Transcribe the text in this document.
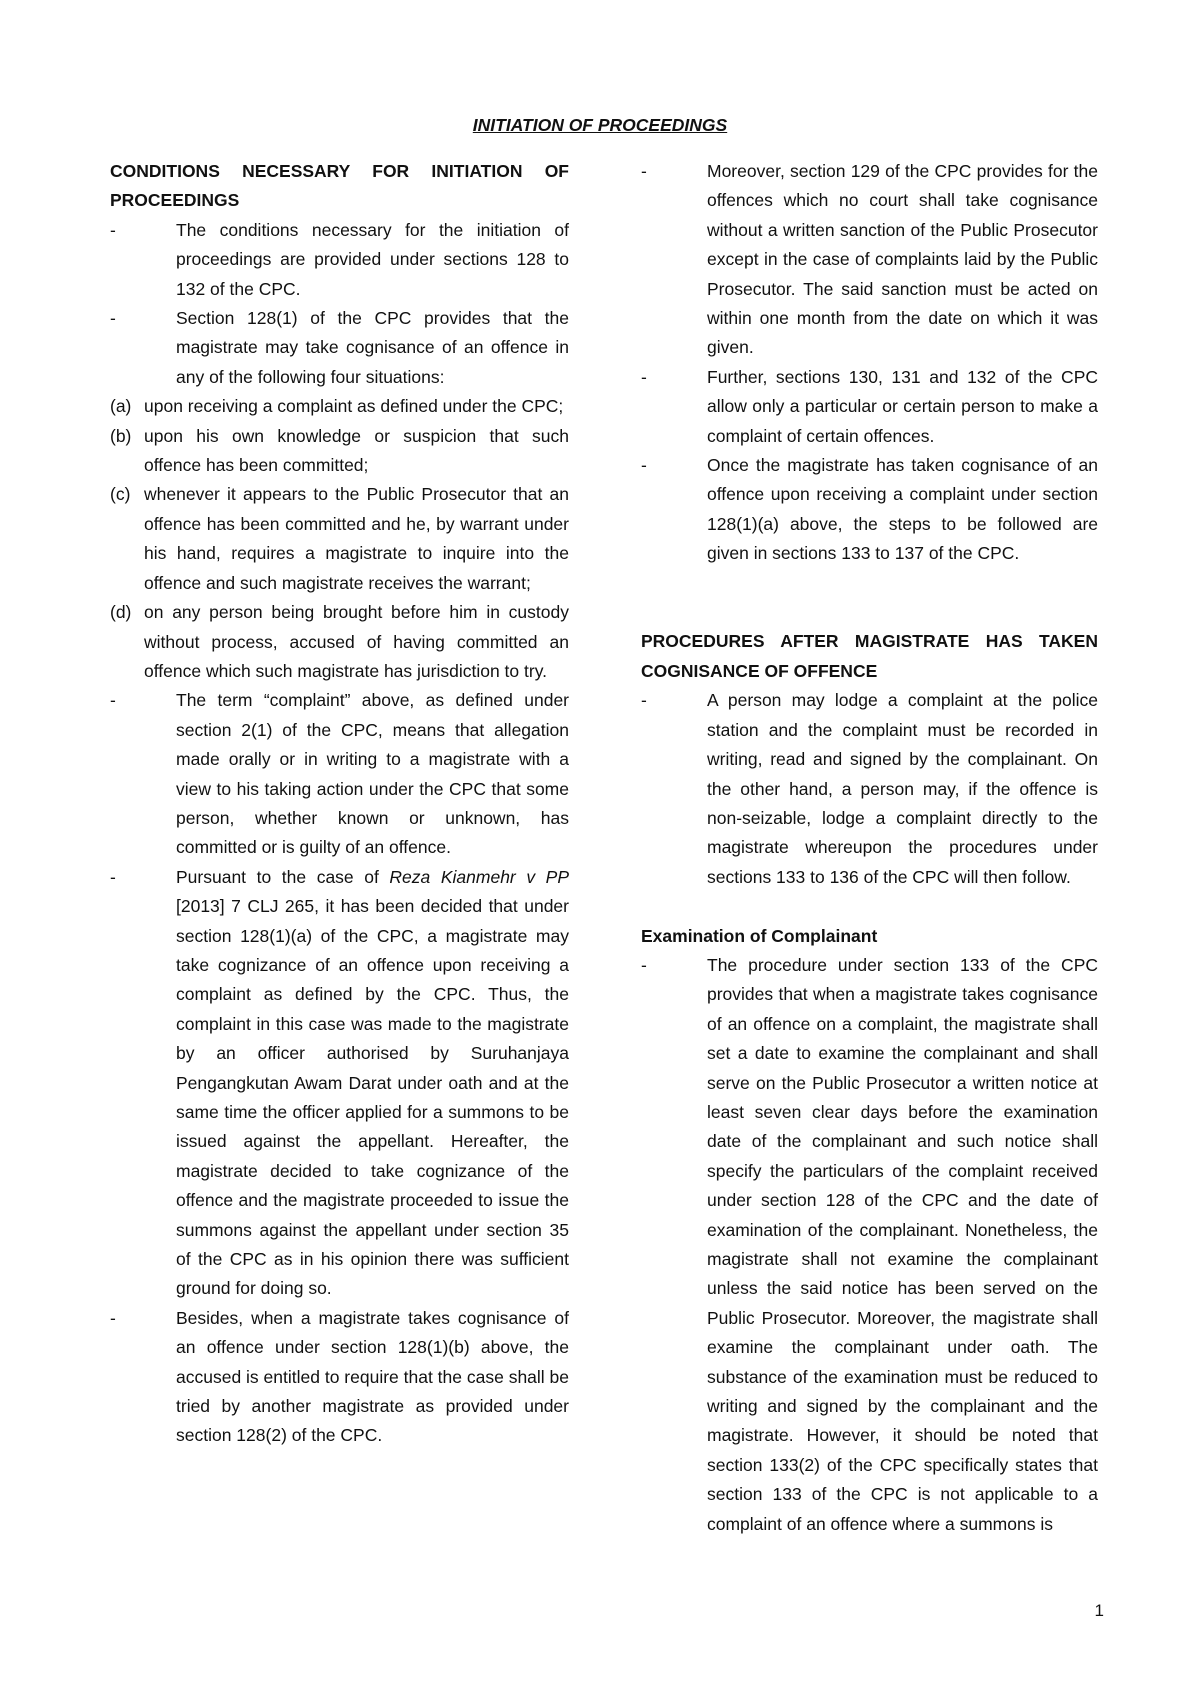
INITIATION OF PROCEEDINGS

CONDITIONS NECESSARY FOR INITIATION OF PROCEEDINGS

-	The conditions necessary for the initiation of proceedings are provided under sections 128 to 132 of the CPC.
-	Section 128(1) of the CPC provides that the magistrate may take cognisance of an offence in any of the following four situations:
(a) upon receiving a complaint as defined under the CPC;
(b) upon his own knowledge or suspicion that such offence has been committed;
(c) whenever it appears to the Public Prosecutor that an offence has been committed and he, by warrant under his hand, requires a magistrate to inquire into the offence and such magistrate receives the warrant;
(d) on any person being brought before him in custody without process, accused of having committed an offence which such magistrate has jurisdiction to try.
-	The term “complaint” above, as defined under section 2(1) of the CPC, means that allegation made orally or in writing to a magistrate with a view to his taking action under the CPC that some person, whether known or unknown, has committed or is guilty of an offence.
-	Pursuant to the case of Reza Kianmehr v PP [2013] 7 CLJ 265, it has been decided that under section 128(1)(a) of the CPC, a magistrate may take cognizance of an offence upon receiving a complaint as defined by the CPC. Thus, the complaint in this case was made to the magistrate by an officer authorised by Suruhanjaya Pengangkutan Awam Darat under oath and at the same time the officer applied for a summons to be issued against the appellant. Hereafter, the magistrate decided to take cognizance of the offence and the magistrate proceeded to issue the summons against the appellant under section 35 of the CPC as in his opinion there was sufficient ground for doing so.
-	Besides, when a magistrate takes cognisance of an offence under section 128(1)(b) above, the accused is entitled to require that the case shall be tried by another magistrate as provided under section 128(2) of the CPC.
-	Moreover, section 129 of the CPC provides for the offences which no court shall take cognisance without a written sanction of the Public Prosecutor except in the case of complaints laid by the Public Prosecutor. The said sanction must be acted on within one month from the date on which it was given.
-	Further, sections 130, 131 and 132 of the CPC allow only a particular or certain person to make a complaint of certain offences.
-	Once the magistrate has taken cognisance of an offence upon receiving a complaint under section 128(1)(a) above, the steps to be followed are given in sections 133 to 137 of the CPC.

PROCEDURES AFTER MAGISTRATE HAS TAKEN COGNISANCE OF OFFENCE

-	A person may lodge a complaint at the police station and the complaint must be recorded in writing, read and signed by the complainant. On the other hand, a person may, if the offence is non-seizable, lodge a complaint directly to the magistrate whereupon the procedures under sections 133 to 136 of the CPC will then follow.

Examination of Complainant

-	The procedure under section 133 of the CPC provides that when a magistrate takes cognisance of an offence on a complaint, the magistrate shall set a date to examine the complainant and shall serve on the Public Prosecutor a written notice at least seven clear days before the examination date of the complainant and such notice shall specify the particulars of the complaint received under section 128 of the CPC and the date of examination of the complainant. Nonetheless, the magistrate shall not examine the complainant unless the said notice has been served on the Public Prosecutor. Moreover, the magistrate shall examine the complainant under oath. The substance of the examination must be reduced to writing and signed by the complainant and the magistrate. However, it should be noted that section 133(2) of the CPC specifically states that section 133 of the CPC is not applicable to a complaint of an offence where a summons is
1
